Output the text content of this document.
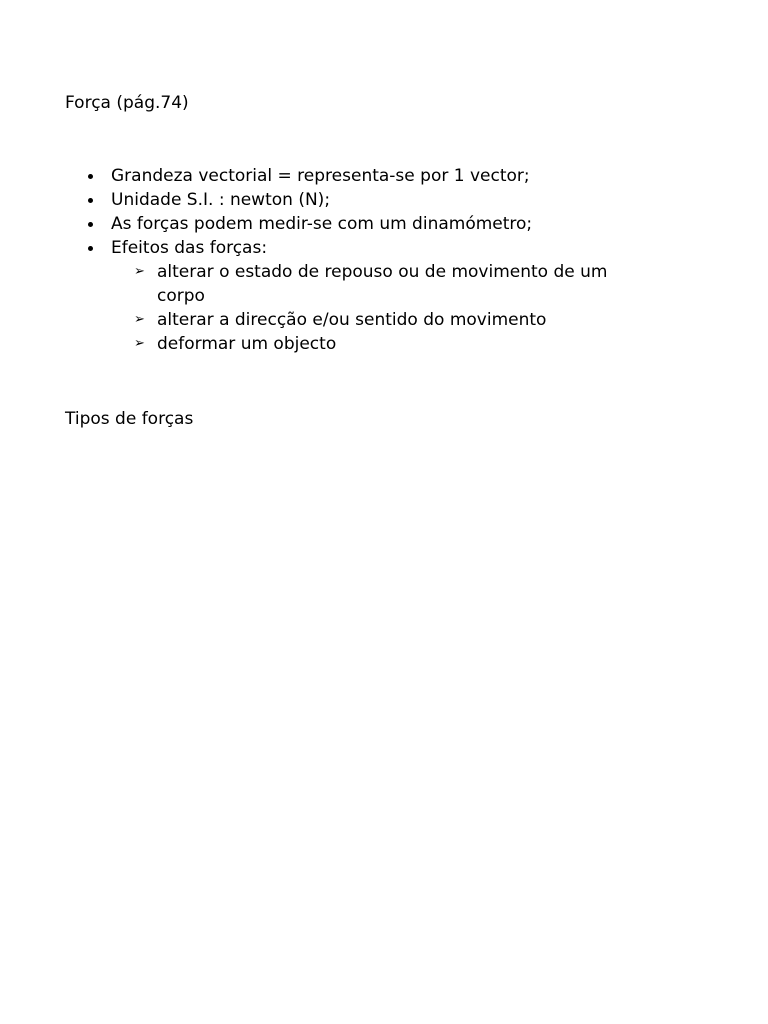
Força (pág.74)
Grandeza vectorial = representa-se por 1 vector;
Unidade S.I. : newton (N);
As forças podem medir-se com um dinamómetro;
Efeitos das forças:
➢ alterar o estado de repouso ou de movimento de um corpo
➢ alterar a direcção e/ou sentido do movimento
➢ deformar um objecto
Tipos de forças
